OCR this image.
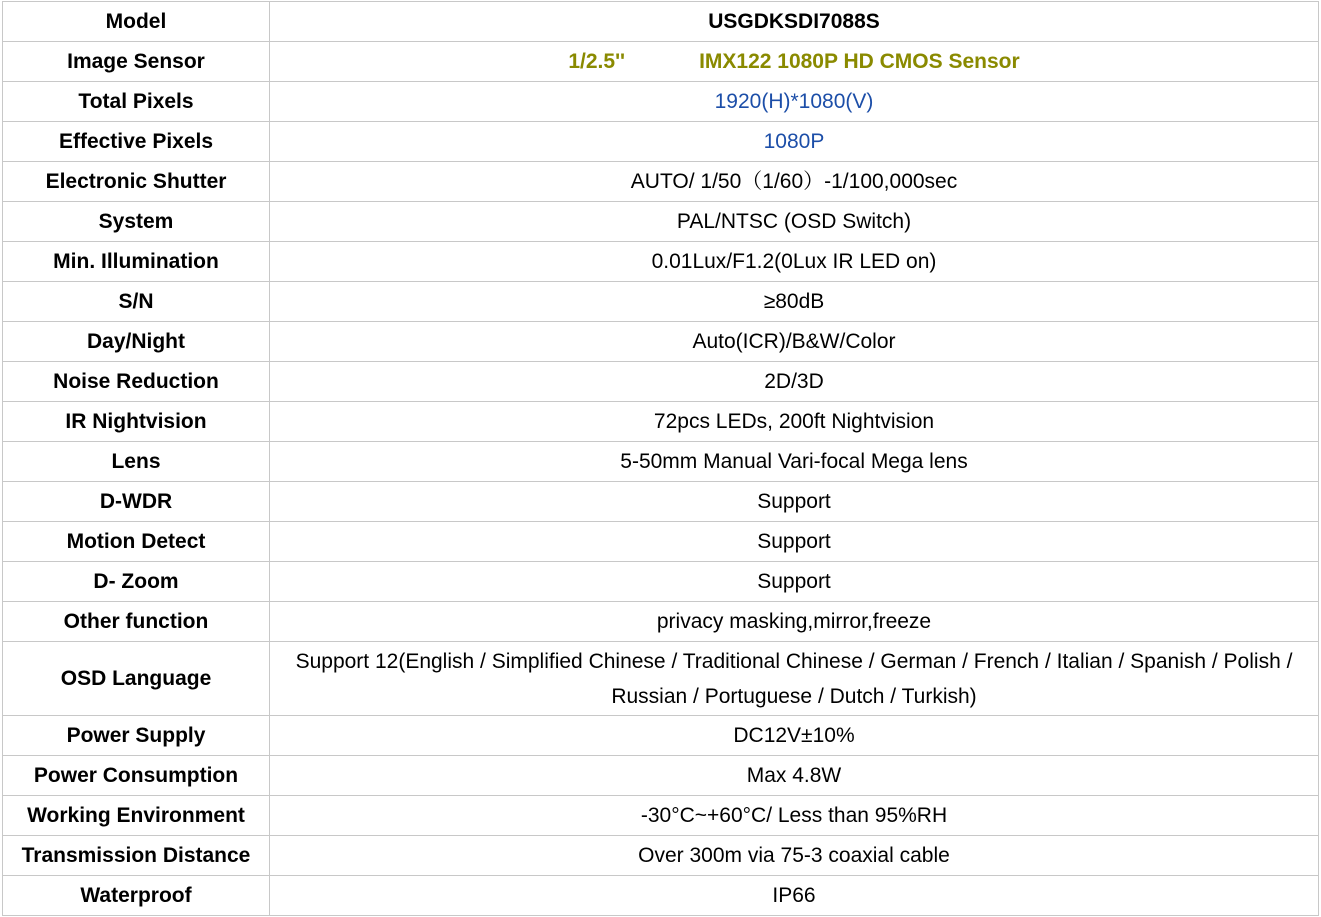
Model	USGDKSDI7088S
Image Sensor	1/2.5'' IMX122 1080P HD CMOS Sensor
Total Pixels	1920(H)*1080(V)
Effective Pixels	1080P
Electronic Shutter	AUTO/ 1/50（1/60）-1/100,000sec
System	PAL/NTSC (OSD Switch)
Min. Illumination	0.01Lux/F1.2(0Lux IR LED on)
S/N	≥80dB
Day/Night	Auto(ICR)/B&W/Color
Noise Reduction	2D/3D
IR Nightvision	72pcs LEDs, 200ft Nightvision
Lens	5-50mm Manual Vari-focal Mega lens
D-WDR	Support
Motion Detect	Support
D- Zoom	Support
Other function	privacy masking,mirror,freeze
OSD Language	Support 12(English / Simplified Chinese / Traditional Chinese / German / French / Italian / Spanish / Polish / Russian / Portuguese / Dutch / Turkish)
Power Supply	DC12V±10%
Power Consumption	Max 4.8W
Working Environment	-30°C~+60°C/ Less than 95%RH
Transmission Distance	Over 300m via 75-3 coaxial cable
Waterproof	IP66
